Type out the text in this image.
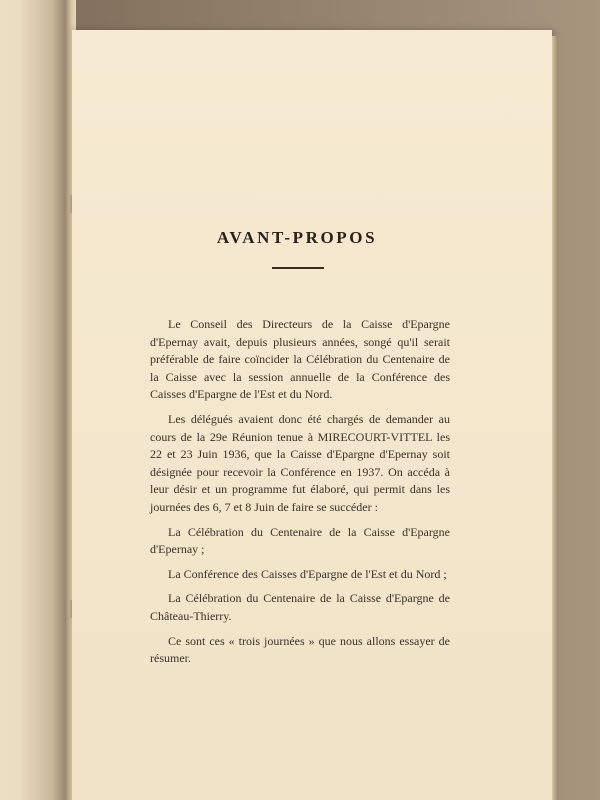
AVANT-PROPOS

Le Conseil des Directeurs de la Caisse d'Epargne d'Epernay avait, depuis plusieurs années, songé qu'il serait préférable de faire coïncider la Célébration du Centenaire de la Caisse avec la session annuelle de la Conférence des Caisses d'Epargne de l'Est et du Nord.

Les délégués avaient donc été chargés de demander au cours de la 29e Réunion tenue à MIRECOURT-VITTEL les 22 et 23 Juin 1936, que la Caisse d'Epargne d'Epernay soit désignée pour recevoir la Conférence en 1937. On accéda à leur désir et un programme fut élaboré, qui permit dans les journées des 6, 7 et 8 Juin de faire se succéder :

La Célébration du Centenaire de la Caisse d'Epargne d'Epernay ;

La Conférence des Caisses d'Epargne de l'Est et du Nord ;

La Célébration du Centenaire de la Caisse d'Epargne de Château-Thierry.

Ce sont ces « trois journées » que nous allons essayer de résumer.
